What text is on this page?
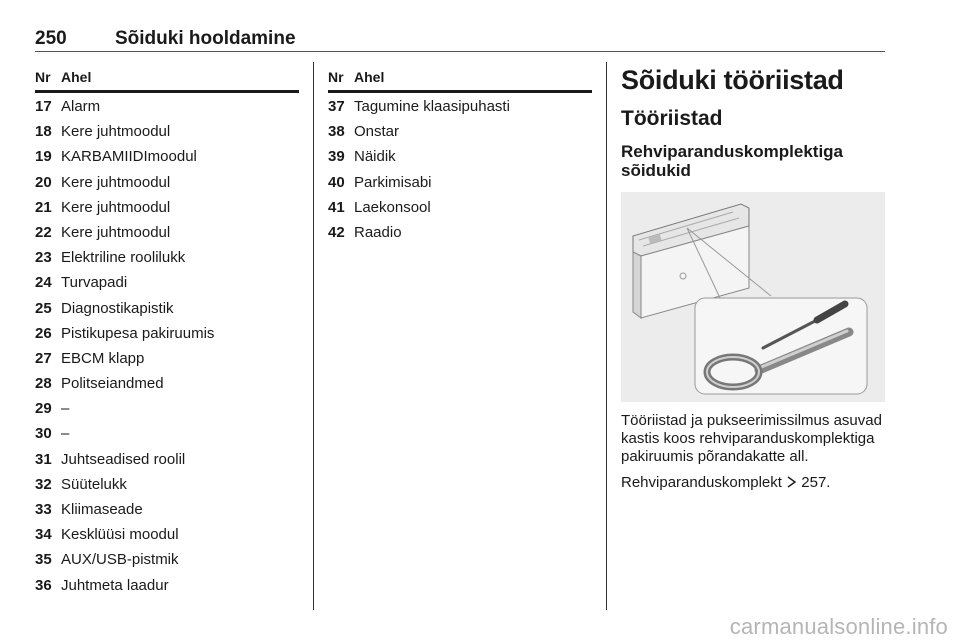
250	Sõiduki hooldamine
Nr Ahel
17 Alarm
18 Kere juhtmoodul
19 KARBAMIIDImoodul
20 Kere juhtmoodul
21 Kere juhtmoodul
22 Kere juhtmoodul
23 Elektriline roolilukk
24 Turvapadi
25 Diagnostikapistik
26 Pistikupesa pakiruumis
27 EBCM klapp
28 Politseiandmed
29 –
30 –
31 Juhtseadised roolil
32 Süütelukk
33 Kliimaseade
34 Kesklüüsi moodul
35 AUX/USB-pistmik
36 Juhtmeta laadur
Nr Ahel
37 Tagumine klaasipuhasti
38 Onstar
39 Näidik
40 Parkimisabi
41 Laekonsool
42 Raadio
Sõiduki tööriistad
Tööriistad
Rehviparanduskomplektiga sõidukid
Tööriistad ja pukseerimissilmus asuvad kastis koos rehviparanduskomplektiga pakiruumis põrandakatte all.
Rehviparanduskomplekt 257.
carmanualsonline.info
